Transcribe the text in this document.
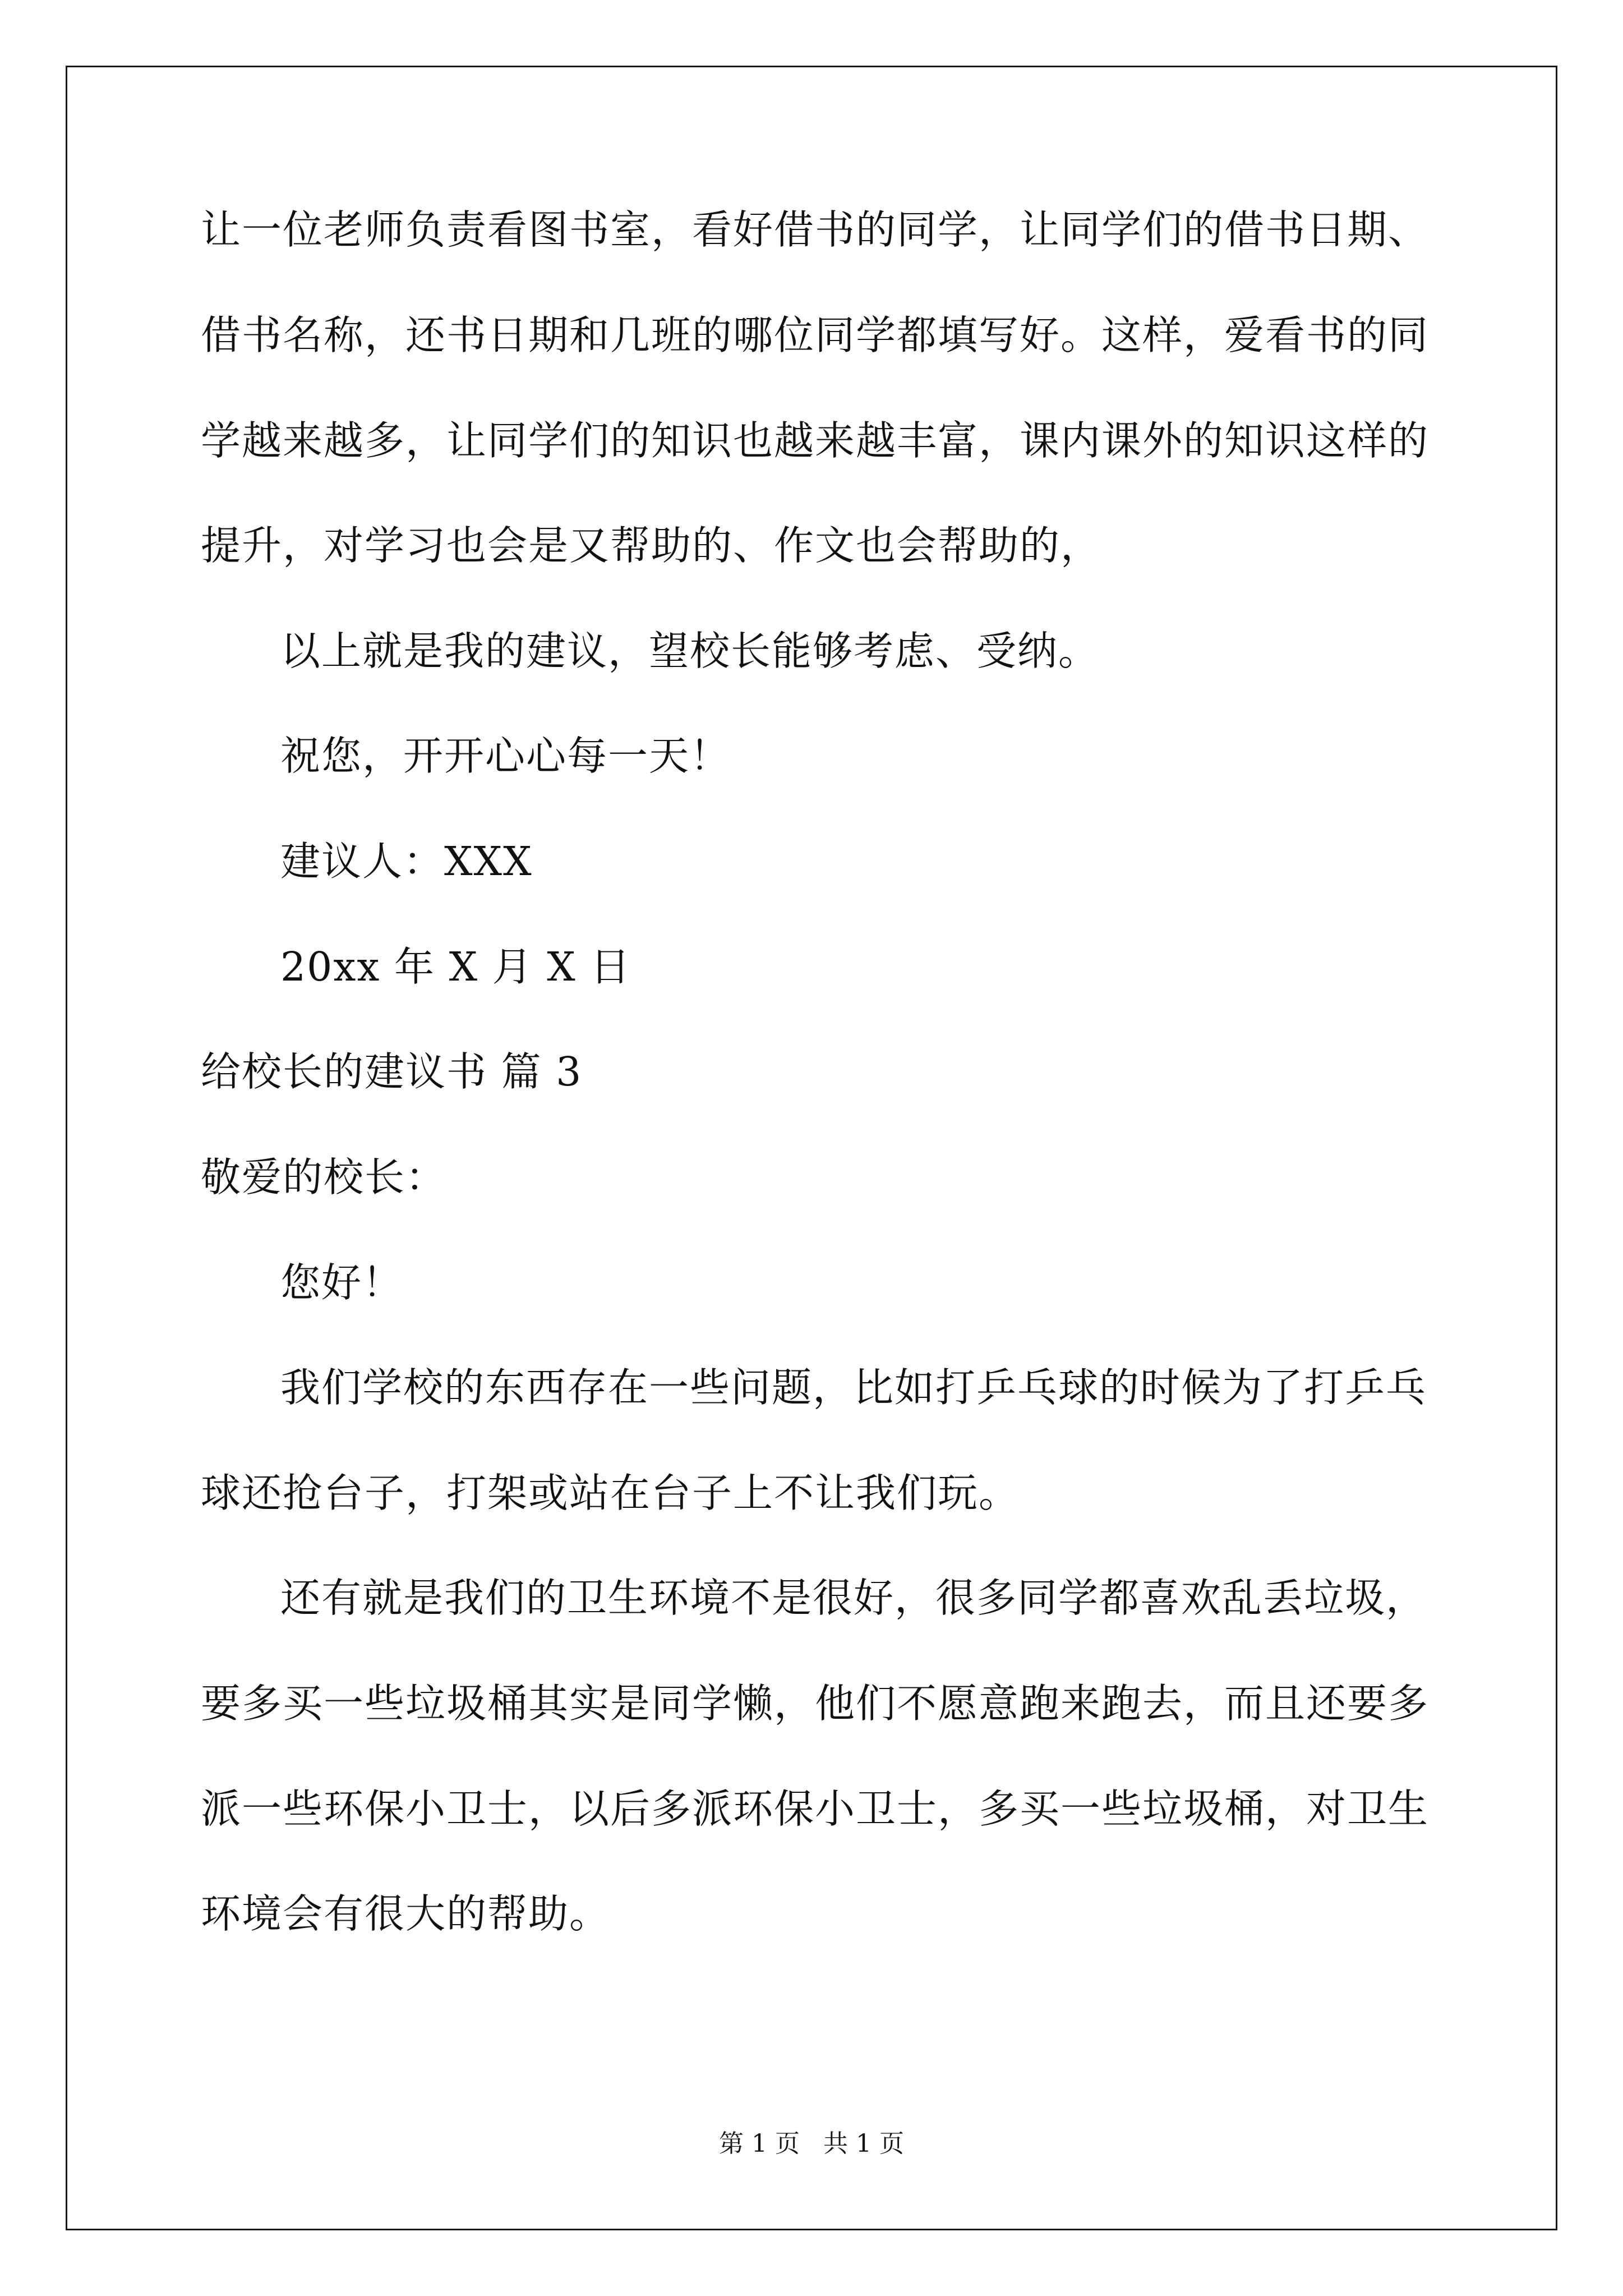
让一位老师负责看图书室，看好借书的同学，让同学们的借书日期、
借书名称，还书日期和几班的哪位同学都填写好。这样，爱看书的同
学越来越多，让同学们的知识也越来越丰富，课内课外的知识这样的
提升，对学习也会是又帮助的、作文也会帮助的，
以上就是我的建议，望校长能够考虑、受纳。
祝您，开开心心每一天！
建议人：XXX
20xx 年 X 月 X 日
给校长的建议书 篇 3
敬爱的校长：
您好！
我们学校的东西存在一些问题，比如打乒乓球的时候为了打乒乓
球还抢台子，打架或站在台子上不让我们玩。
还有就是我们的卫生环境不是很好，很多同学都喜欢乱丢垃圾，
要多买一些垃圾桶其实是同学懒，他们不愿意跑来跑去，而且还要多
派一些环保小卫士，以后多派环保小卫士，多买一些垃圾桶，对卫生
环境会有很大的帮助。
第 1 页   共 1 页
